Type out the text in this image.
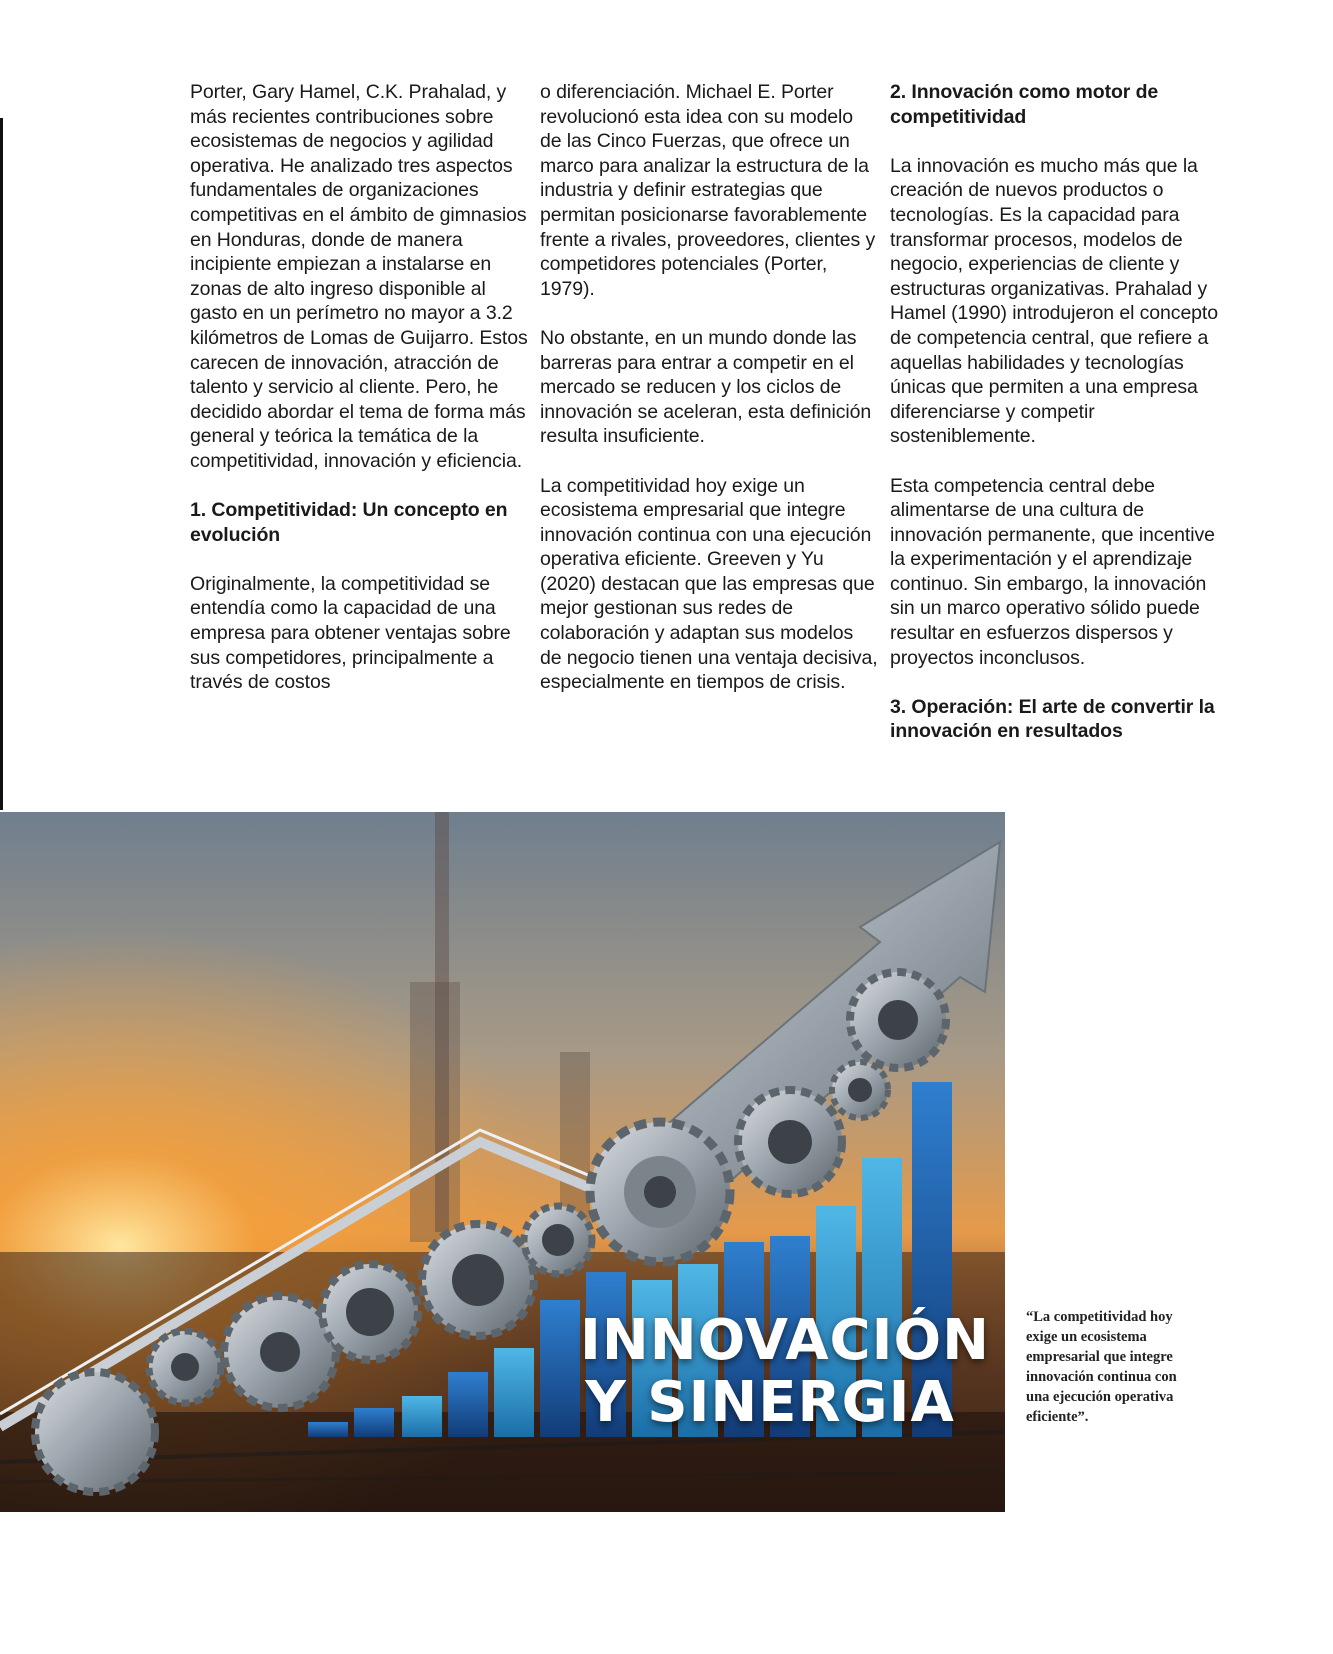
Porter, Gary Hamel, C.K. Prahalad, y más recientes contribuciones sobre ecosistemas de negocios y agilidad operativa. He analizado tres aspectos fundamentales de organizaciones competitivas en el ámbito de gimnasios en Honduras, donde de manera incipiente empiezan a instalarse en zonas de alto ingreso disponible al gasto en un perímetro no mayor a 3.2 kilómetros de Lomas de Guijarro. Estos carecen de innovación, atracción de talento y servicio al cliente. Pero, he decidido abordar el tema de forma más general y teórica la temática de la competitividad, innovación y eficiencia.

1. Competitividad: Un concepto en evolución

Originalmente, la competitividad se entendía como la capacidad de una empresa para obtener ventajas sobre sus competidores, principalmente a través de costos

o diferenciación. Michael E. Porter revolucionó esta idea con su modelo de las Cinco Fuerzas, que ofrece un marco para analizar la estructura de la industria y definir estrategias que permitan posicionarse favorablemente frente a rivales, proveedores, clientes y competidores potenciales (Porter, 1979).

No obstante, en un mundo donde las barreras para entrar a competir en el mercado se reducen y los ciclos de innovación se aceleran, esta definición resulta insuficiente.

La competitividad hoy exige un ecosistema empresarial que integre innovación continua con una ejecución operativa eficiente. Greeven y Yu (2020) destacan que las empresas que mejor gestionan sus redes de colaboración y adaptan sus modelos de negocio tienen una ventaja decisiva, especialmente en tiempos de crisis.

2. Innovación como motor de competitividad

La innovación es mucho más que la creación de nuevos productos o tecnologías. Es la capacidad para transformar procesos, modelos de negocio, experiencias de cliente y estructuras organizativas. Prahalad y Hamel (1990) introdujeron el concepto de competencia central, que refiere a aquellas habilidades y tecnologías únicas que permiten a una empresa diferenciarse y competir sosteniblemente.

Esta competencia central debe alimentarse de una cultura de innovación permanente, que incentive la experimentación y el aprendizaje continuo. Sin embargo, la innovación sin un marco operativo sólido puede resultar en esfuerzos dispersos y proyectos inconclusos.

3. Operación: El arte de convertir la innovación en resultados
INNOVACIÓN
Y SINERGIA
“La competitividad hoy exige un ecosistema empresarial que integre innovación continua con una ejecución operativa eficiente”.
